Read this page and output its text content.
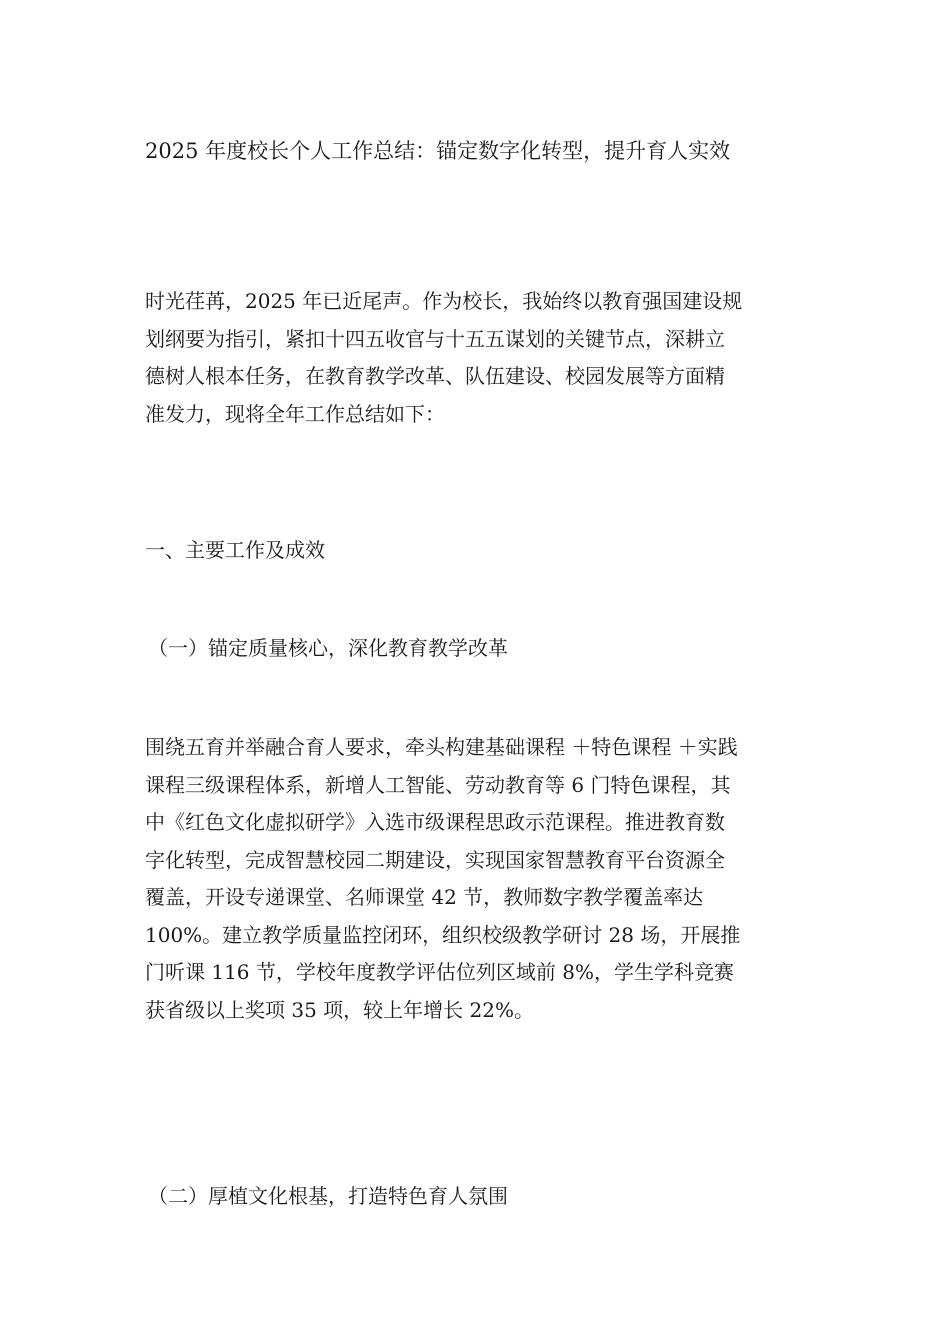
2025 年度校长个人工作总结：锚定数字化转型，提升育人实效
时光荏苒，2025 年已近尾声。作为校长，我始终以教育强国建设规
划纲要为指引，紧扣十四五收官与十五五谋划的关键节点，深耕立
德树人根本任务，在教育教学改革、队伍建设、校园发展等方面精
准发力，现将全年工作总结如下：
一、主要工作及成效
（一）锚定质量核心，深化教育教学改革
围绕五育并举融合育人要求，牵头构建基础课程 ＋特色课程 ＋实践
课程三级课程体系，新增人工智能、劳动教育等 6 门特色课程，其
中《红色文化虚拟研学》入选市级课程思政示范课程。推进教育数
字化转型，完成智慧校园二期建设，实现国家智慧教育平台资源全
覆盖，开设专递课堂、名师课堂 42 节，教师数字教学覆盖率达
100%。建立教学质量监控闭环，组织校级教学研讨 28 场，开展推
门听课 116 节，学校年度教学评估位列区域前 8%，学生学科竞赛
获省级以上奖项 35 项，较上年增长 22%。
（二）厚植文化根基，打造特色育人氛围
